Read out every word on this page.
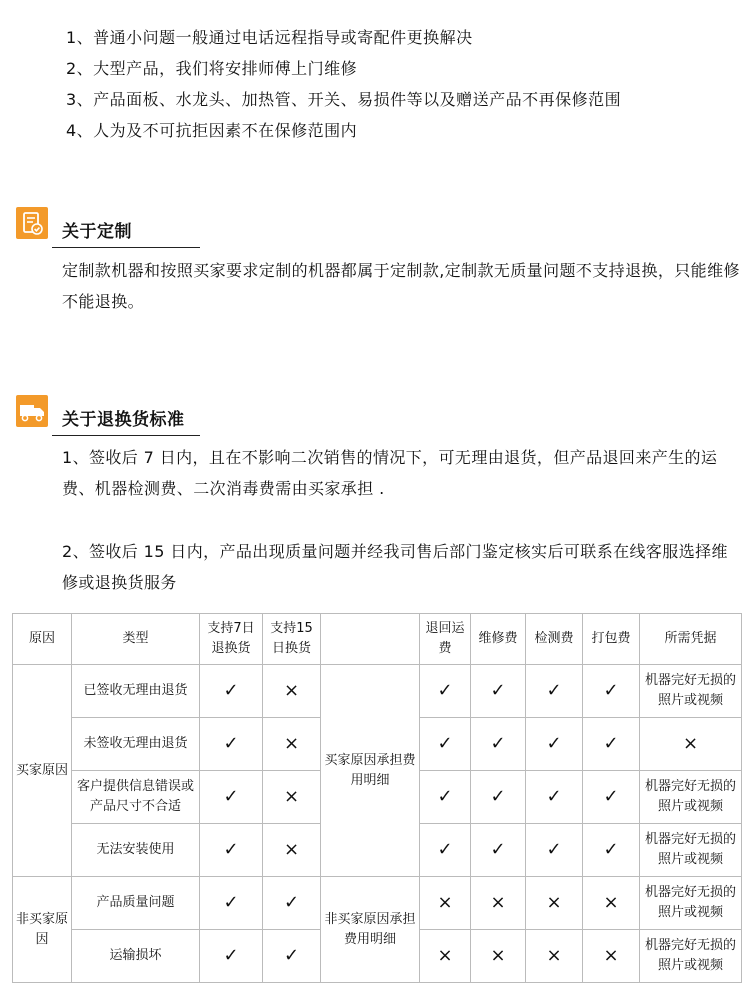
1、普通小问题一般通过电话远程指导或寄配件更换解决
2、大型产品，我们将安排师傅上门维修
3、产品面板、水龙头、加热管、开关、易损件等以及赠送产品不再保修范围
4、人为及不可抗拒因素不在保修范围内
关于定制

定制款机器和按照买家要求定制的机器都属于定制款,定制款无质量问题不支持退换，只能维修不能退换。

关于退换货标准

1、签收后 7 日内，且在不影响二次销售的情况下，可无理由退货，但产品退回来产生的运费、机器检测费、二次消毒费需由买家承担 .

2、签收后 15 日内，产品出现质量问题并经我司售后部门鉴定核实后可联系在线客服选择维修或退换货服务

原因	类型	支持7日退换货	支持15日换货		退回运费	维修费	检测费	打包费	所需凭据
买家原因	已签收无理由退货	✓	×	买家原因承担费用明细	✓	✓	✓	✓	机器完好无损的照片或视频
	未签收无理由退货	✓	×		✓	✓	✓	✓	×
	客户提供信息错误或产品尺寸不合适	✓	×		✓	✓	✓	✓	机器完好无损的照片或视频
	无法安装使用	✓	×		✓	✓	✓	✓	机器完好无损的照片或视频
非买家原因	产品质量问题	✓	✓	非买家原因承担费用明细	×	×	×	×	机器完好无损的照片或视频
	运输损坏	✓	✓		×	×	×	×	机器完好无损的照片或视频
